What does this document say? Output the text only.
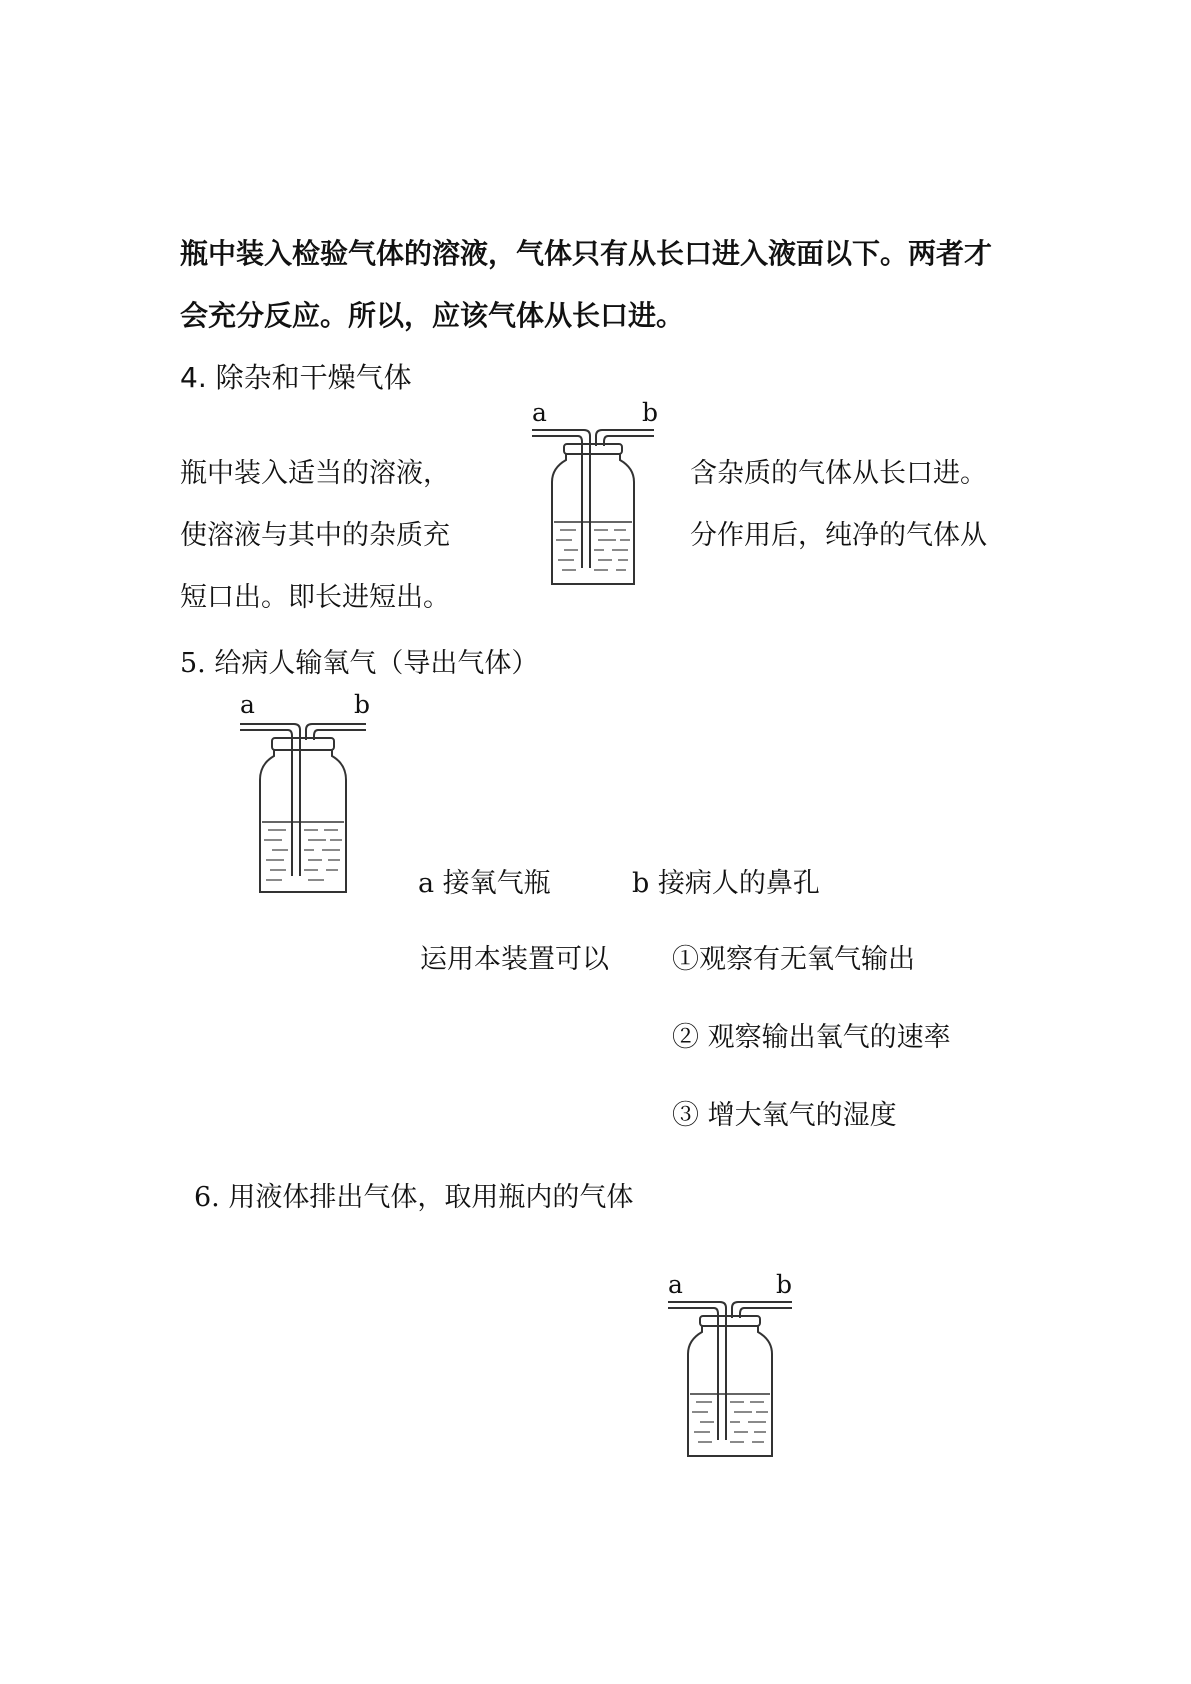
瓶中装入检验气体的溶液，气体只有从长口进入液面以下。两者才
会充分反应。所以，应该气体从长口进。
4. 除杂和干燥气体
瓶中装入适当的溶液，
使溶液与其中的杂质充
短口出。即长进短出。
含杂质的气体从长口进。
分作用后，纯净的气体从
a	b
5. 给病人输氧气（导出气体）
a	b
a 接氧气瓶	b 接病人的鼻孔
运用本装置可以 ①观察有无氧气输出
② 观察输出氧气的速率
③ 增大氧气的湿度
6. 用液体排出气体，取用瓶内的气体
a	b
